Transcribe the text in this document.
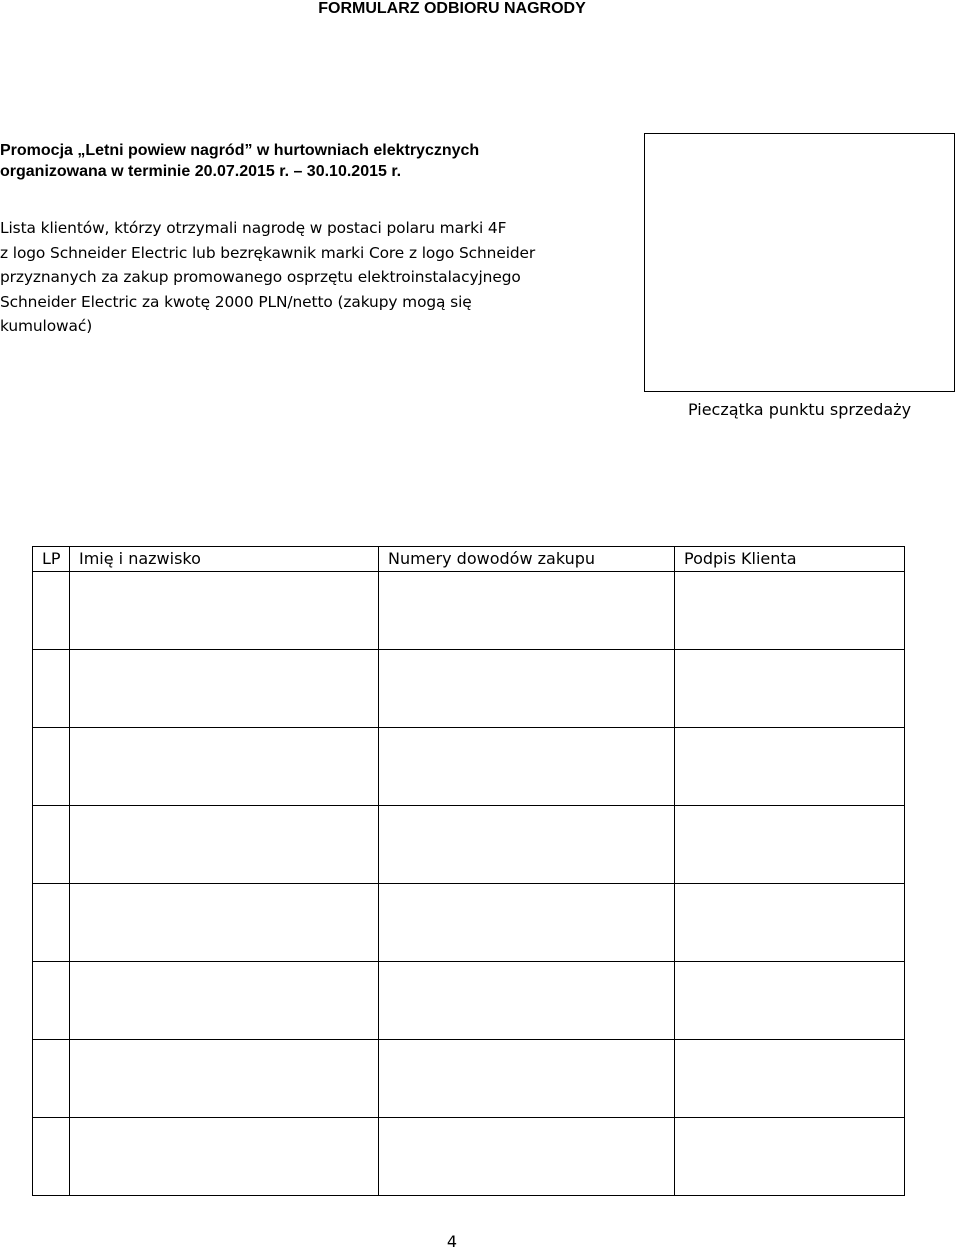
FORMULARZ ODBIORU NAGRODY
Promocja „Letni powiew nagród” w hurtowniach elektrycznych
organizowana w terminie 20.07.2015 r. – 30.10.2015 r.
Lista klientów, którzy otrzymali nagrodę w postaci polaru marki 4F
z logo Schneider Electric lub bezrękawnik marki Core z logo Schneider
przyznanych za zakup promowanego osprzętu elektroinstalacyjnego
Schneider Electric za kwotę 2000 PLN/netto (zakupy mogą się
kumulować)
Pieczątka punktu sprzedaży
LP	Imię i nazwisko	Numery dowodów zakupu	Podpis Klienta

4
